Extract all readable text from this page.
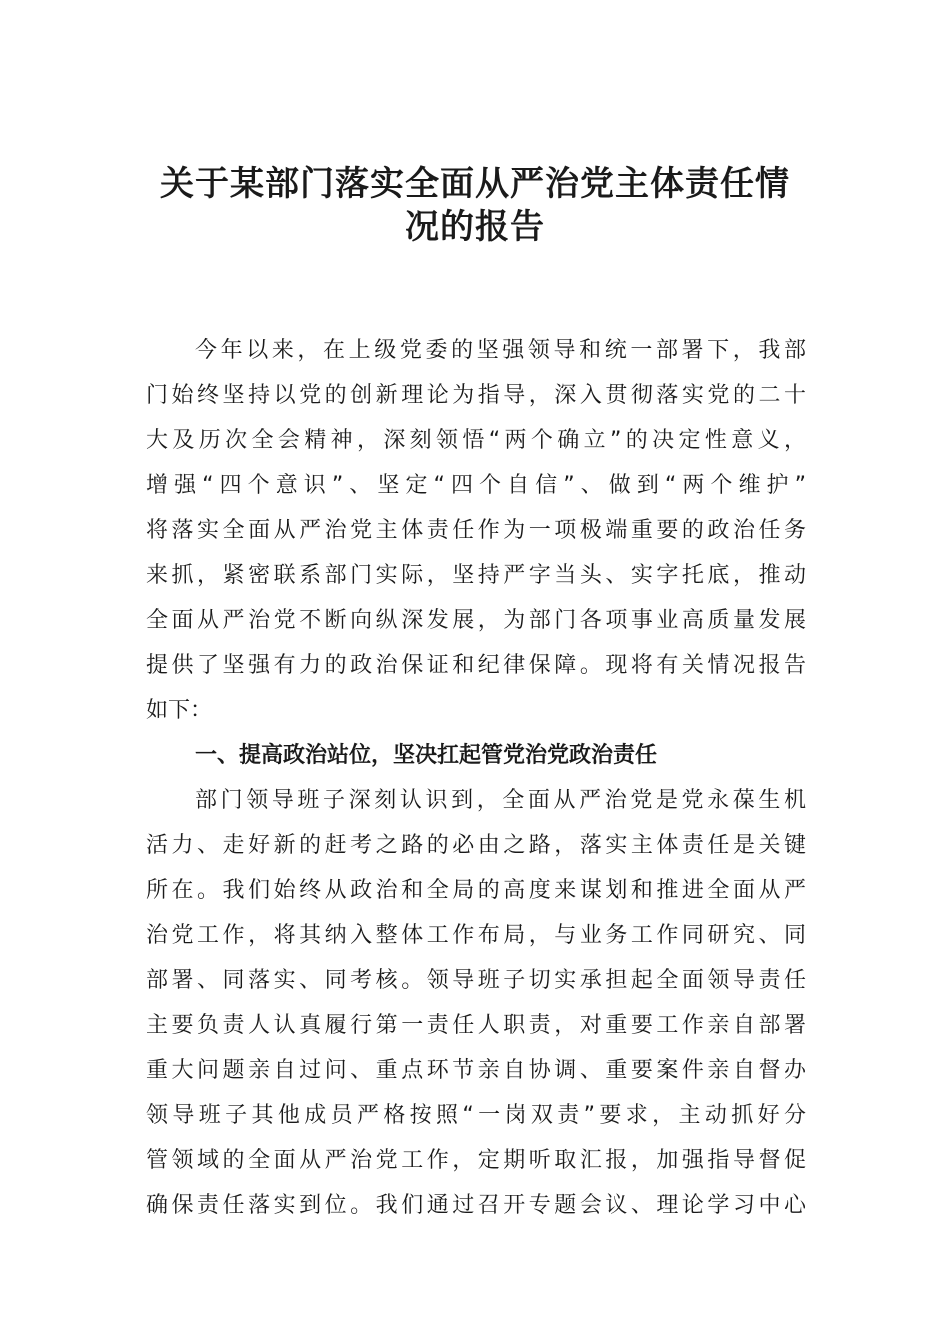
关于某部门落实全面从严治党主体责任情
况的报告
今年以来，在上级党委的坚强领导和统一部署下，我部
门始终坚持以党的创新理论为指导，深入贯彻落实党的二十
大及历次全会精神，深刻领悟“两个确立”的决定性意义，
增强“四个意识”、坚定“四个自信”、做到“两个维护”
将落实全面从严治党主体责任作为一项极端重要的政治任务
来抓，紧密联系部门实际，坚持严字当头、实字托底，推动
全面从严治党不断向纵深发展，为部门各项事业高质量发展
提供了坚强有力的政治保证和纪律保障。现将有关情况报告
如下：
一、提高政治站位，坚决扛起管党治党政治责任
部门领导班子深刻认识到，全面从严治党是党永葆生机
活力、走好新的赶考之路的必由之路，落实主体责任是关键
所在。我们始终从政治和全局的高度来谋划和推进全面从严
治党工作，将其纳入整体工作布局，与业务工作同研究、同
部署、同落实、同考核。领导班子切实承担起全面领导责任
主要负责人认真履行第一责任人职责，对重要工作亲自部署
重大问题亲自过问、重点环节亲自协调、重要案件亲自督办
领导班子其他成员严格按照“一岗双责”要求，主动抓好分
管领域的全面从严治党工作，定期听取汇报，加强指导督促
确保责任落实到位。我们通过召开专题会议、理论学习中心
